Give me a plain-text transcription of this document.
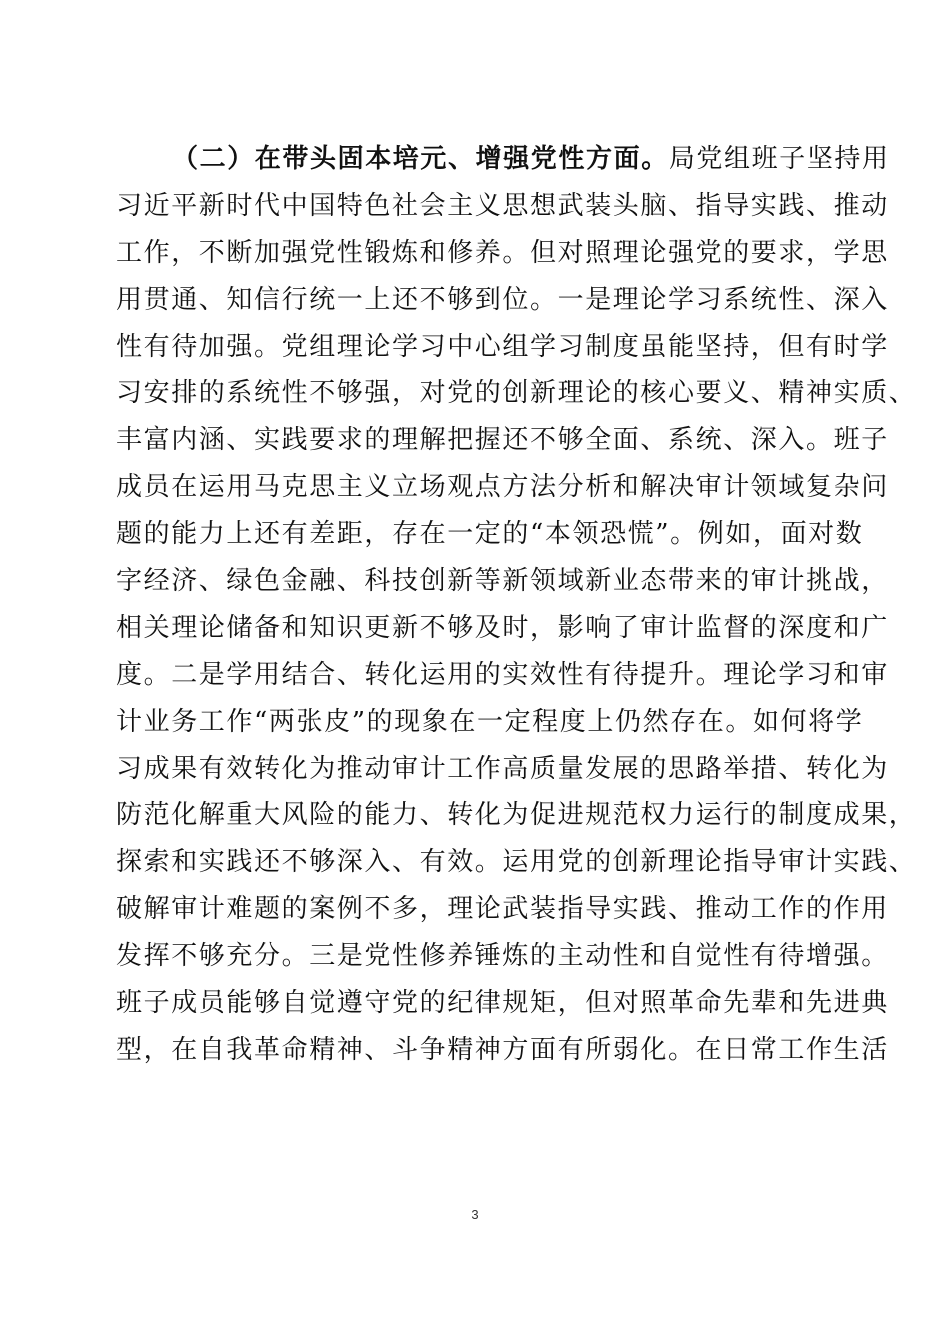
（二）在带头固本培元、增强党性方面。局党组班子坚持用
习近平新时代中国特色社会主义思想武装头脑、指导实践、推动
工作，不断加强党性锻炼和修养。但对照理论强党的要求，学思
用贯通、知信行统一上还不够到位。一是理论学习系统性、深入
性有待加强。党组理论学习中心组学习制度虽能坚持，但有时学
习安排的系统性不够强，对党的创新理论的核心要义、精神实质、
丰富内涵、实践要求的理解把握还不够全面、系统、深入。班子
成员在运用马克思主义立场观点方法分析和解决审计领域复杂问
题的能力上还有差距，存在一定的“本领恐慌”。例如，面对数
字经济、绿色金融、科技创新等新领域新业态带来的审计挑战，
相关理论储备和知识更新不够及时，影响了审计监督的深度和广
度。二是学用结合、转化运用的实效性有待提升。理论学习和审
计业务工作“两张皮”的现象在一定程度上仍然存在。如何将学
习成果有效转化为推动审计工作高质量发展的思路举措、转化为
防范化解重大风险的能力、转化为促进规范权力运行的制度成果，
探索和实践还不够深入、有效。运用党的创新理论指导审计实践、
破解审计难题的案例不多，理论武装指导实践、推动工作的作用
发挥不够充分。三是党性修养锤炼的主动性和自觉性有待增强。
班子成员能够自觉遵守党的纪律规矩，但对照革命先辈和先进典
型，在自我革命精神、斗争精神方面有所弱化。在日常工作生活
3
